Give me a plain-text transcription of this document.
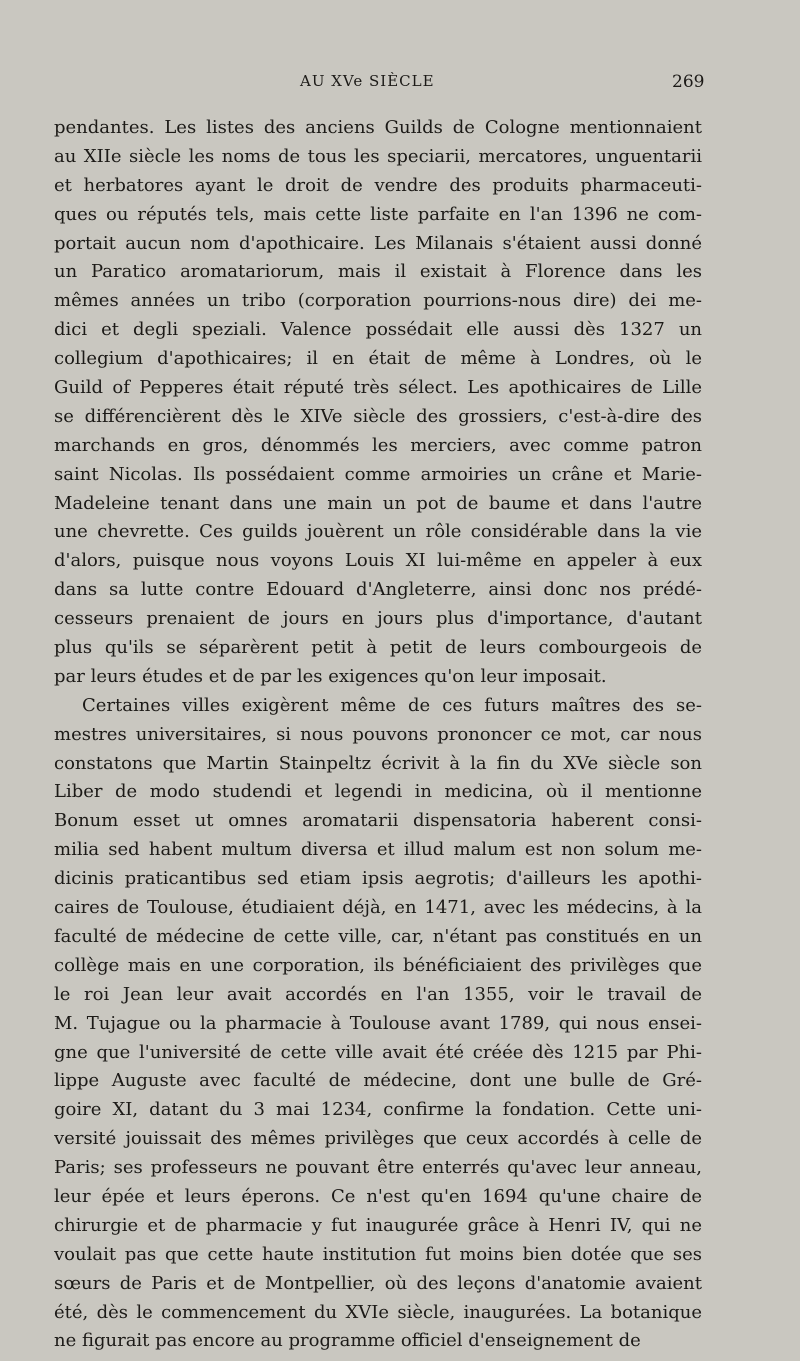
AU XVe SIÈCLE	269
pendantes. Les listes des anciens Guilds de Cologne mentionnaient
au XIIe siècle les noms de tous les speciarii, mercatores, unguentarii
et herbatores ayant le droit de vendre des produits pharmaceuti-
ques ou réputés tels, mais cette liste parfaite en l'an 1396 ne com-
portait aucun nom d'apothicaire. Les Milanais s'étaient aussi donné
un Paratico aromatariorum, mais il existait à Florence dans les
mêmes années un tribo (corporation pourrions-nous dire) dei me-
dici et degli speziali. Valence possédait elle aussi dès 1327 un
collegium d'apothicaires; il en était de même à Londres, où le
Guild of Pepperes était réputé très sélect. Les apothicaires de Lille
se différencièrent dès le XIVe siècle des grossiers, c'est-à-dire des
marchands en gros, dénommés les merciers, avec comme patron
saint Nicolas. Ils possédaient comme armoiries un crâne et Marie-
Madeleine tenant dans une main un pot de baume et dans l'autre
une chevrette. Ces guilds jouèrent un rôle considérable dans la vie
d'alors, puisque nous voyons Louis XI lui-même en appeler à eux
dans sa lutte contre Edouard d'Angleterre, ainsi donc nos prédé-
cesseurs prenaient de jours en jours plus d'importance, d'autant
plus qu'ils se séparèrent petit à petit de leurs combourgeois de
par leurs études et de par les exigences qu'on leur imposait.
Certaines villes exigèrent même de ces futurs maîtres des se-
mestres universitaires, si nous pouvons prononcer ce mot, car nous
constatons que Martin Stainpeltz écrivit à la fin du XVe siècle son
Liber de modo studendi et legendi in medicina, où il mentionne
Bonum esset ut omnes aromatarii dispensatoria haberent consi-
milia sed habent multum diversa et illud malum est non solum me-
dicinis praticantibus sed etiam ipsis aegrotis; d'ailleurs les apothi-
caires de Toulouse, étudiaient déjà, en 1471, avec les médecins, à la
faculté de médecine de cette ville, car, n'étant pas constitués en un
collège mais en une corporation, ils bénéficiaient des privilèges que
le roi Jean leur avait accordés en l'an 1355, voir le travail de
M. Tujague ou la pharmacie à Toulouse avant 1789, qui nous ensei-
gne que l'université de cette ville avait été créée dès 1215 par Phi-
lippe Auguste avec faculté de médecine, dont une bulle de Gré-
goire XI, datant du 3 mai 1234, confirme la fondation. Cette uni-
versité jouissait des mêmes privilèges que ceux accordés à celle de
Paris; ses professeurs ne pouvant être enterrés qu'avec leur anneau,
leur épée et leurs éperons. Ce n'est qu'en 1694 qu'une chaire de
chirurgie et de pharmacie y fut inaugurée grâce à Henri IV, qui ne
voulait pas que cette haute institution fut moins bien dotée que ses
sœurs de Paris et de Montpellier, où des leçons d'anatomie avaient
été, dès le commencement du XVIe siècle, inaugurées. La botanique
ne figurait pas encore au programme officiel d'enseignement de
